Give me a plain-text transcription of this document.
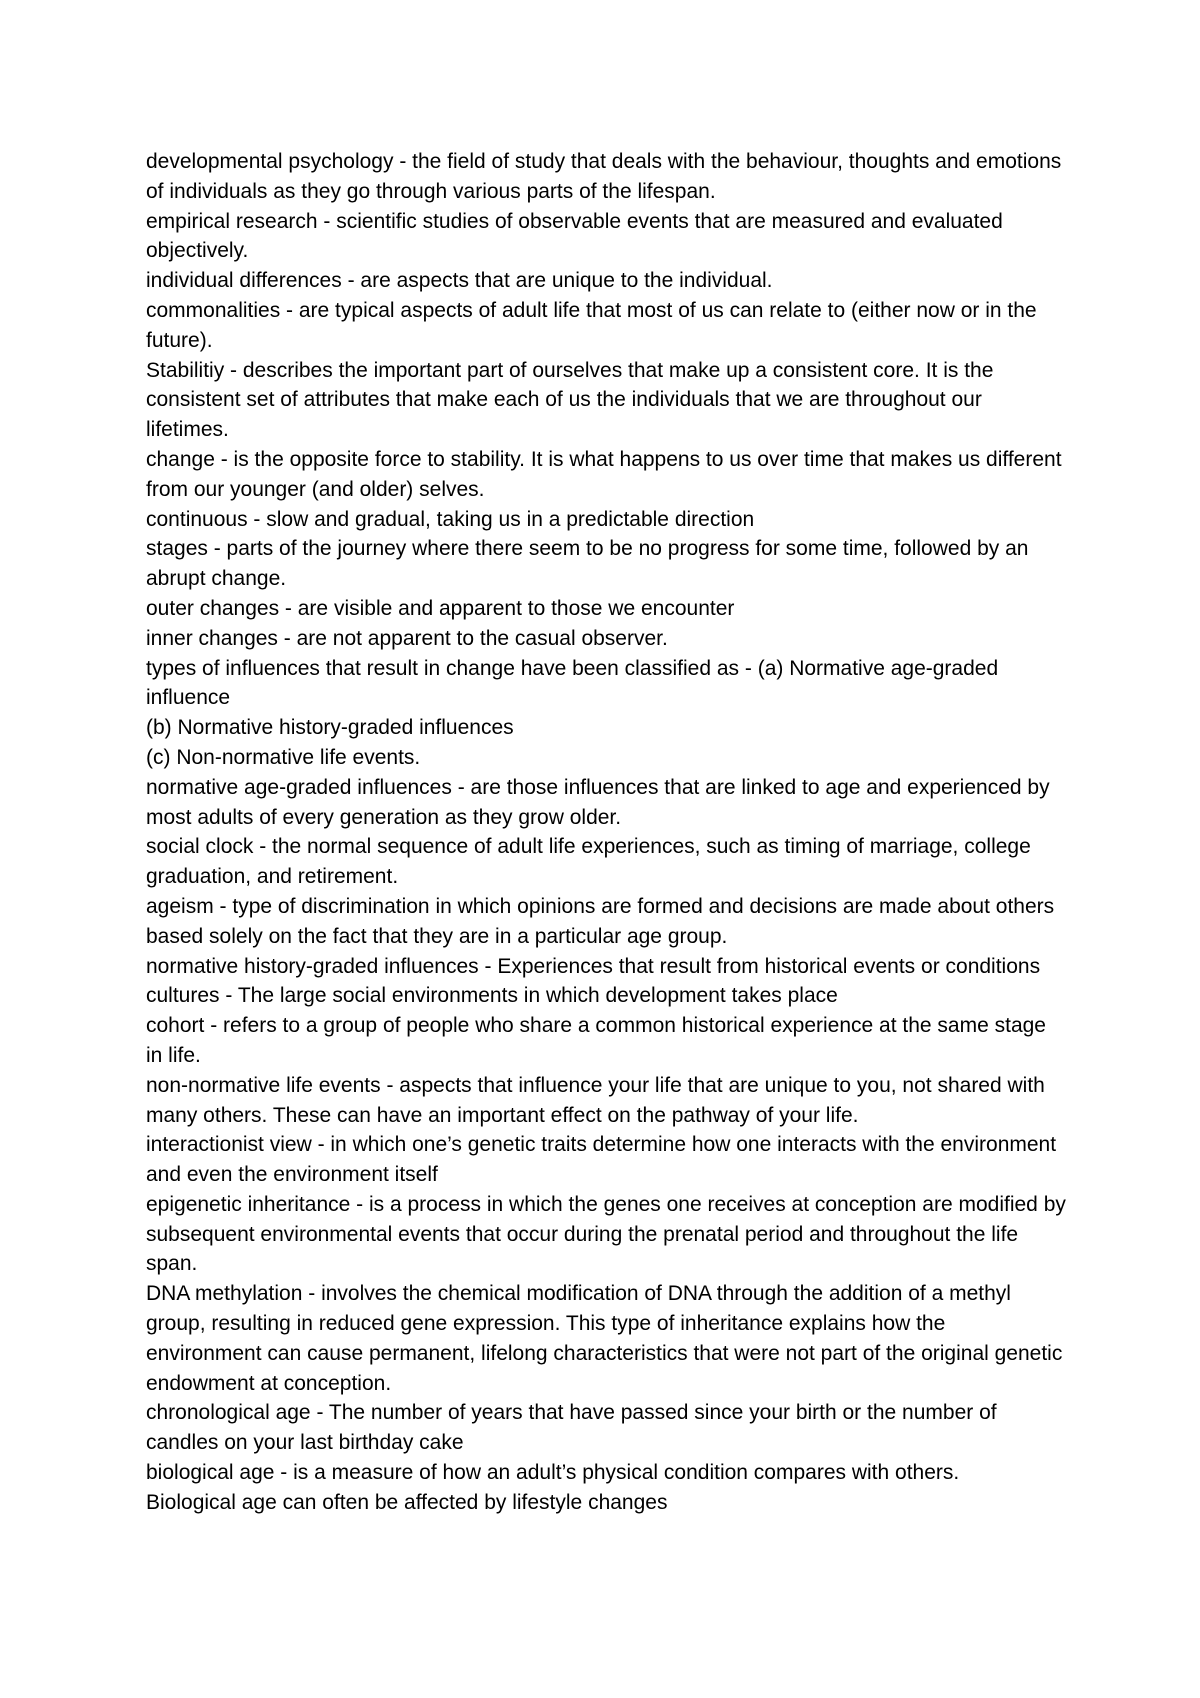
developmental psychology - the field of study that deals with the behaviour, thoughts and emotions of individuals as they go through various parts of the lifespan.

empirical research - scientific studies of observable events that are measured and evaluated objectively.

individual differences - are aspects that are unique to the individual.

commonalities - are typical aspects of adult life that most of us can relate to (either now or in the future).

Stabilitiy - describes the important part of ourselves that make up a consistent core. It is the consistent set of attributes that make each of us the individuals that we are throughout our lifetimes.

change - is the opposite force to stability. It is what happens to us over time that makes us different from our younger (and older) selves.

continuous - slow and gradual, taking us in a predictable direction

stages - parts of the journey where there seem to be no progress for some time, followed by an abrupt change.

outer changes - are visible and apparent to those we encounter

inner changes - are not apparent to the casual observer.

types of influences that result in change have been classified as - (a) Normative age-graded influence

(b) Normative history-graded influences

(c) Non-normative life events.

normative age-graded influences - are those influences that are linked to age and experienced by most adults of every generation as they grow older.

social clock - the normal sequence of adult life experiences, such as timing of marriage, college graduation, and retirement.

ageism - type of discrimination in which opinions are formed and decisions are made about others based solely on the fact that they are in a particular age group.

normative history-graded influences - Experiences that result from historical events or conditions

cultures - The large social environments in which development takes place

cohort - refers to a group of people who share a common historical experience at the same stage in life.

non-normative life events - aspects that influence your life that are unique to you, not shared with many others. These can have an important effect on the pathway of your life.

interactionist view - in which one’s genetic traits determine how one interacts with the environment and even the environment itself

epigenetic inheritance - is a process in which the genes one receives at conception are modified by subsequent environmental events that occur during the prenatal period and throughout the life span.

DNA methylation - involves the chemical modification of DNA through the addition of a methyl group, resulting in reduced gene expression. This type of inheritance explains how the environment can cause permanent, lifelong characteristics that were not part of the original genetic endowment at conception.

chronological age - The number of years that have passed since your birth or the number of candles on your last birthday cake

biological age - is a measure of how an adult’s physical condition compares with others.

Biological age can often be affected by lifestyle changes
